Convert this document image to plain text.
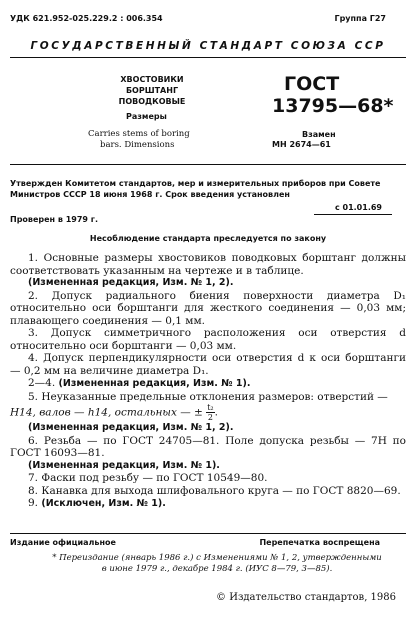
УДК 621.952-025.229.2 : 006.354	Группа Г27
ГОСУДАРСТВЕННЫЙ СТАНДАРТ СОЮЗА ССР
ХВОСТОВИКИ
БОРШТАНГ
ПОВОДКОВЫЕ
Размеры
Carries stems of boring
bars. Dimensions
ГОСТ
13795—68*
Взамен
МН 2674—61
Утвержден Комитетом стандартов, мер и измерительных приборов при Совете Министров СССР 18 июня 1968 г. Срок введения установлен
с 01.01.69
Проверен в 1979 г.
Несоблюдение стандарта преследуется по закону

1. Основные размеры хвостовиков поводковых борштанг должны соответствовать указанным на чертеже и в таблице.

(Измененная редакция, Изм. № 1, 2).

2. Допуск радиального биения поверхности диаметра D₁ относительно оси борштанги для жесткого соединения — 0,03 мм; плавающего соединения — 0,1 мм.

3. Допуск симметричного расположения оси отверстия d относительно оси борштанги — 0,03 мм.

4. Допуск перпендикулярности оси отверстия d к оси борштанги — 0,2 мм на величине диаметра D₁.

2—4. (Измененная редакция, Изм. № 1).

5. Неуказанные предельные отклонения размеров: отверстий —

H14, валов — h14, остальных — ± $\frac{\text{t₂}}{2}$ .

(Измененная редакция, Изм. № 1, 2).

6. Резьба — по ГОСТ 24705—81. Поле допуска резьбы — 7H по ГОСТ 16093—81.

(Измененная редакция, Изм. № 1).

7. Фаски под резьбу — по ГОСТ 10549—80.

8. Канавка для выхода шлифовального круга — по ГОСТ 8820—69.

9. (Исключен, Изм. № 1).

Издание официальное	Перепечатка воспрещена
* Переиздание (январь 1986 г.) с Изменениями № 1, 2, утвержденными в июне 1979 г., декабре 1984 г. (ИУС 8—79, 3—85).
© Издательство стандартов, 1986
